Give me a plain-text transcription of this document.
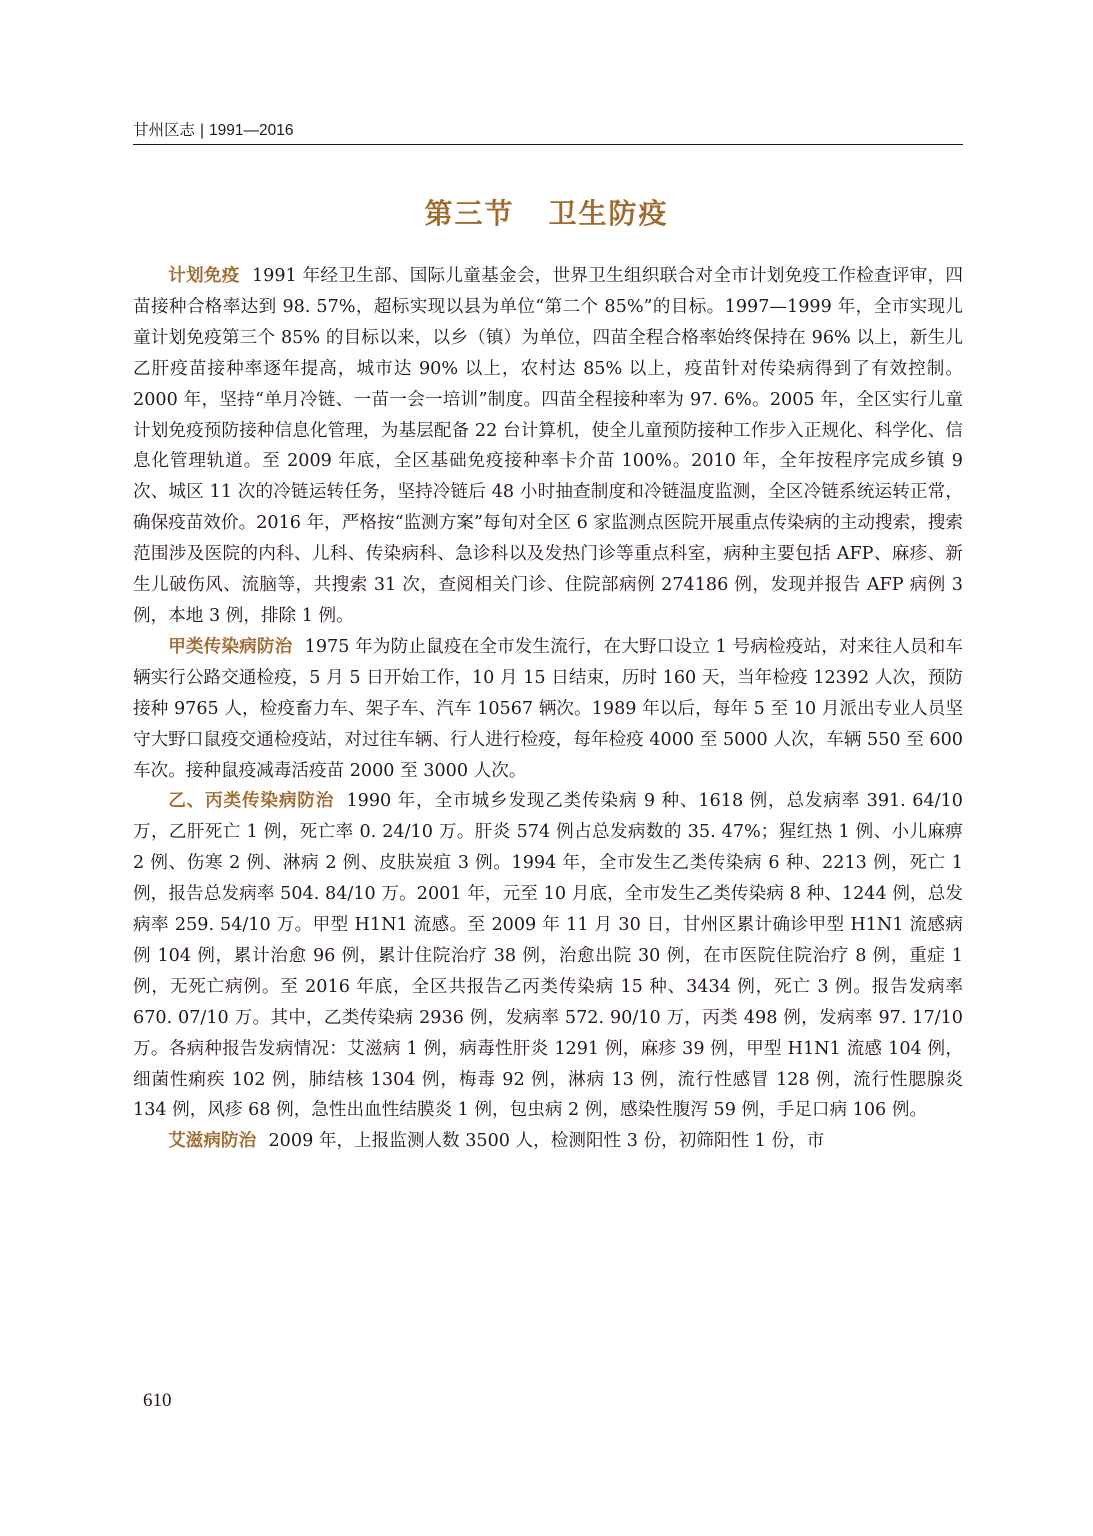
甘州区志 | 1991—2016
第三节 卫生防疫

计划免疫 1991 年经卫生部、国际儿童基金会，世界卫生组织联合对全市计划免疫工作检查评审，四苗接种合格率达到 98. 57%，超标实现以县为单位“第二个 85%”的目标。1997—1999 年，全市实现儿童计划免疫第三个 85% 的目标以来，以乡（镇）为单位，四苗全程合格率始终保持在 96% 以上，新生儿乙肝疫苗接种率逐年提高，城市达 90% 以上，农村达 85% 以上，疫苗针对传染病得到了有效控制。2000 年，坚持“单月冷链、一苗一会一培训”制度。四苗全程接种率为 97. 6%。2005 年，全区实行儿童计划免疫预防接种信息化管理，为基层配备 22 台计算机，使全儿童预防接种工作步入正规化、科学化、信息化管理轨道。至 2009 年底，全区基础免疫接种率卡介苗 100%。2010 年，全年按程序完成乡镇 9 次、城区 11 次的冷链运转任务，坚持冷链后 48 小时抽查制度和冷链温度监测，全区冷链系统运转正常，确保疫苗效价。2016 年，严格按“监测方案”每旬对全区 6 家监测点医院开展重点传染病的主动搜索，搜索范围涉及医院的内科、儿科、传染病科、急诊科以及发热门诊等重点科室，病种主要包括 AFP、麻疹、新生儿破伤风、流脑等，共搜索 31 次，查阅相关门诊、住院部病例 274186 例，发现并报告 AFP 病例 3 例，本地 3 例，排除 1 例。

甲类传染病防治 1975 年为防止鼠疫在全市发生流行，在大野口设立 1 号病检疫站，对来往人员和车辆实行公路交通检疫，5 月 5 日开始工作，10 月 15 日结束，历时 160 天，当年检疫 12392 人次，预防接种 9765 人，检疫畜力车、架子车、汽车 10567 辆次。1989 年以后，每年 5 至 10 月派出专业人员坚守大野口鼠疫交通检疫站，对过往车辆、行人进行检疫，每年检疫 4000 至 5000 人次，车辆 550 至 600 车次。接种鼠疫减毒活疫苗 2000 至 3000 人次。

乙、丙类传染病防治 1990 年，全市城乡发现乙类传染病 9 种、1618 例，总发病率 391. 64/10 万，乙肝死亡 1 例，死亡率 0. 24/10 万。肝炎 574 例占总发病数的 35. 47%；猩红热 1 例、小儿麻痹 2 例、伤寒 2 例、淋病 2 例、皮肤炭疽 3 例。1994 年，全市发生乙类传染病 6 种、2213 例，死亡 1 例，报告总发病率 504. 84/10 万。2001 年，元至 10 月底，全市发生乙类传染病 8 种、1244 例，总发病率 259. 54/10 万。甲型 H1N1 流感。至 2009 年 11 月 30 日，甘州区累计确诊甲型 H1N1 流感病例 104 例，累计治愈 96 例，累计住院治疗 38 例，治愈出院 30 例，在市医院住院治疗 8 例，重症 1 例，无死亡病例。至 2016 年底，全区共报告乙丙类传染病 15 种、3434 例，死亡 3 例。报告发病率 670. 07/10 万。其中，乙类传染病 2936 例，发病率 572. 90/10 万，丙类 498 例，发病率 97. 17/10 万。各病种报告发病情况：艾滋病 1 例，病毒性肝炎 1291 例，麻疹 39 例，甲型 H1N1 流感 104 例，细菌性痢疾 102 例，肺结核 1304 例，梅毒 92 例，淋病 13 例，流行性感冒 128 例，流行性腮腺炎 134 例，风疹 68 例，急性出血性结膜炎 1 例，包虫病 2 例，感染性腹泻 59 例，手足口病 106 例。

艾滋病防治 2009 年，上报监测人数 3500 人，检测阳性 3 份，初筛阳性 1 份，市

610
